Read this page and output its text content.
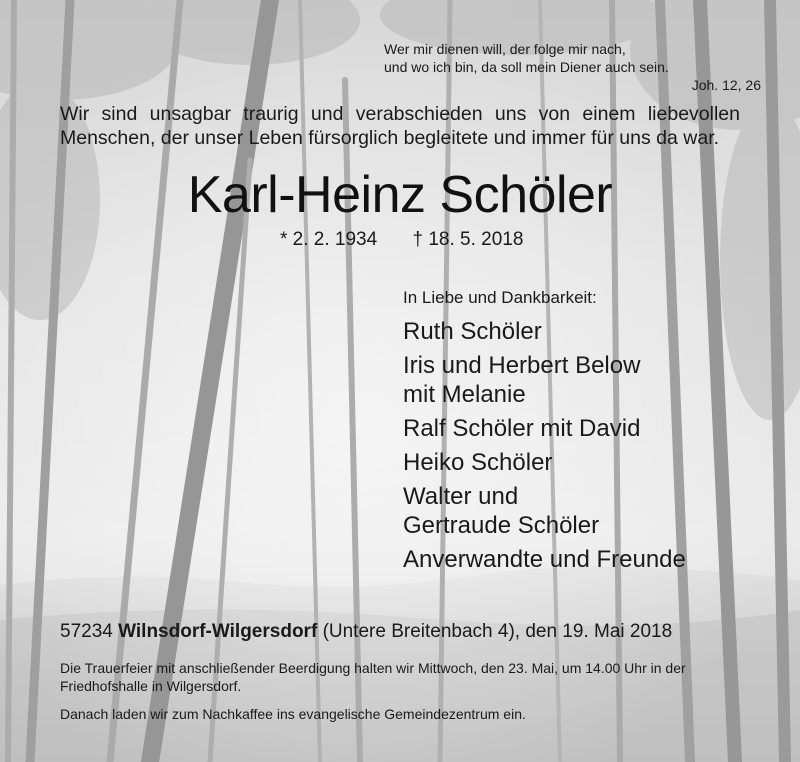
Wer mir dienen will, der folge mir nach,
und wo ich bin, da soll mein Diener auch sein.
Joh. 12, 26
Wir sind unsagbar traurig und verabschieden uns von einem liebevollen Menschen, der unser Leben fürsorglich begleitete und immer für uns da war.
Karl-Heinz Schöler
* 2. 2. 1934 † 18. 5. 2018
In Liebe und Dankbarkeit:
Ruth Schöler
Iris und Herbert Below
mit Melanie
Ralf Schöler mit David
Heiko Schöler
Walter und
Gertraude Schöler
Anverwandte und Freunde
57234 Wilnsdorf-Wilgersdorf (Untere Breitenbach 4), den 19. Mai 2018
Die Trauerfeier mit anschließender Beerdigung halten wir Mittwoch, den 23. Mai, um 14.00 Uhr in der Friedhofshalle in Wilgersdorf.
Danach laden wir zum Nachkaffee ins evangelische Gemeindezentrum ein.
